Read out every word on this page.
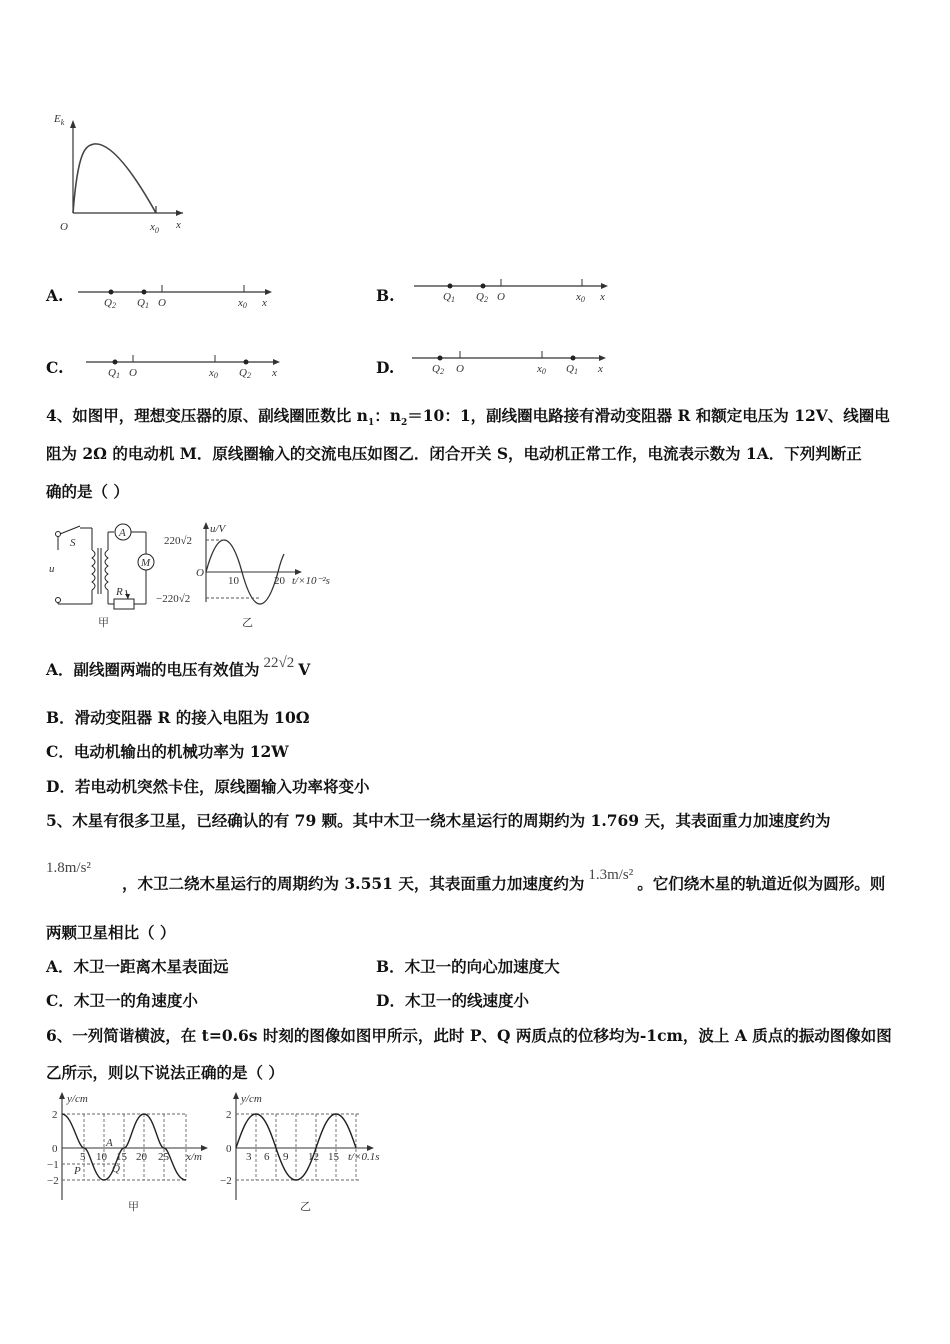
$E_k$
O	$x_0$ x
A.	Q2 Q1 O	x0 x	B.	Q1 Q2 O	x0 x
C.	Q1 O	x0 Q2 x	D.	Q2 O	x0 Q1 x
4、如图甲，理想变压器的原、副线圈匝数比 $n_1$：$n_2=10$：1，副线圈电路接有滑动变阻器 R 和额定电压为 12V、线圈电
阻为 2Ω 的电动机 M．原线圈输入的交流电压如图乙．闭合开关 S，电动机正常工作，电流表示数为 1A．下列判断正
确的是（ ）
S
u
A
M
R
甲
u/V
220√2
−220√2
O
10	20 t/×10⁻²s
乙
A．副线圈两端的电压有效值为 22√2 V
B．滑动变阻器 R 的接入电阻为 10Ω
C．电动机输出的机械功率为 12W
D．若电动机突然卡住，原线圈输入功率将变小
5、木星有很多卫星，已经确认的有 79 颗。其中木卫一绕木星运行的周期约为 1.769 天，其表面重力加速度约为
1.8m/s²
，木卫二绕木星运行的周期约为 3.551 天，其表面重力加速度约为 1.3m/s² 。它们绕木星的轨道近似为圆形。则
两颗卫星相比（ ）
A．木卫一距离木星表面远	B．木卫一的向心加速度大
C．木卫一的角速度小	D．木卫一的线速度小
6、一列简谐横波，在 t=0.6s 时刻的图像如图甲所示，此时 P、Q 两质点的位移均为-1cm，波上 A 质点的振动图像如图
乙所示，则以下说法正确的是（ ）
y/cm
2
0
−1
−2
5 10 15 20 25 x/m
P	Q
A
甲
y/cm
2
0
−2
3 6 9 12 15 t/×0.1s
乙
